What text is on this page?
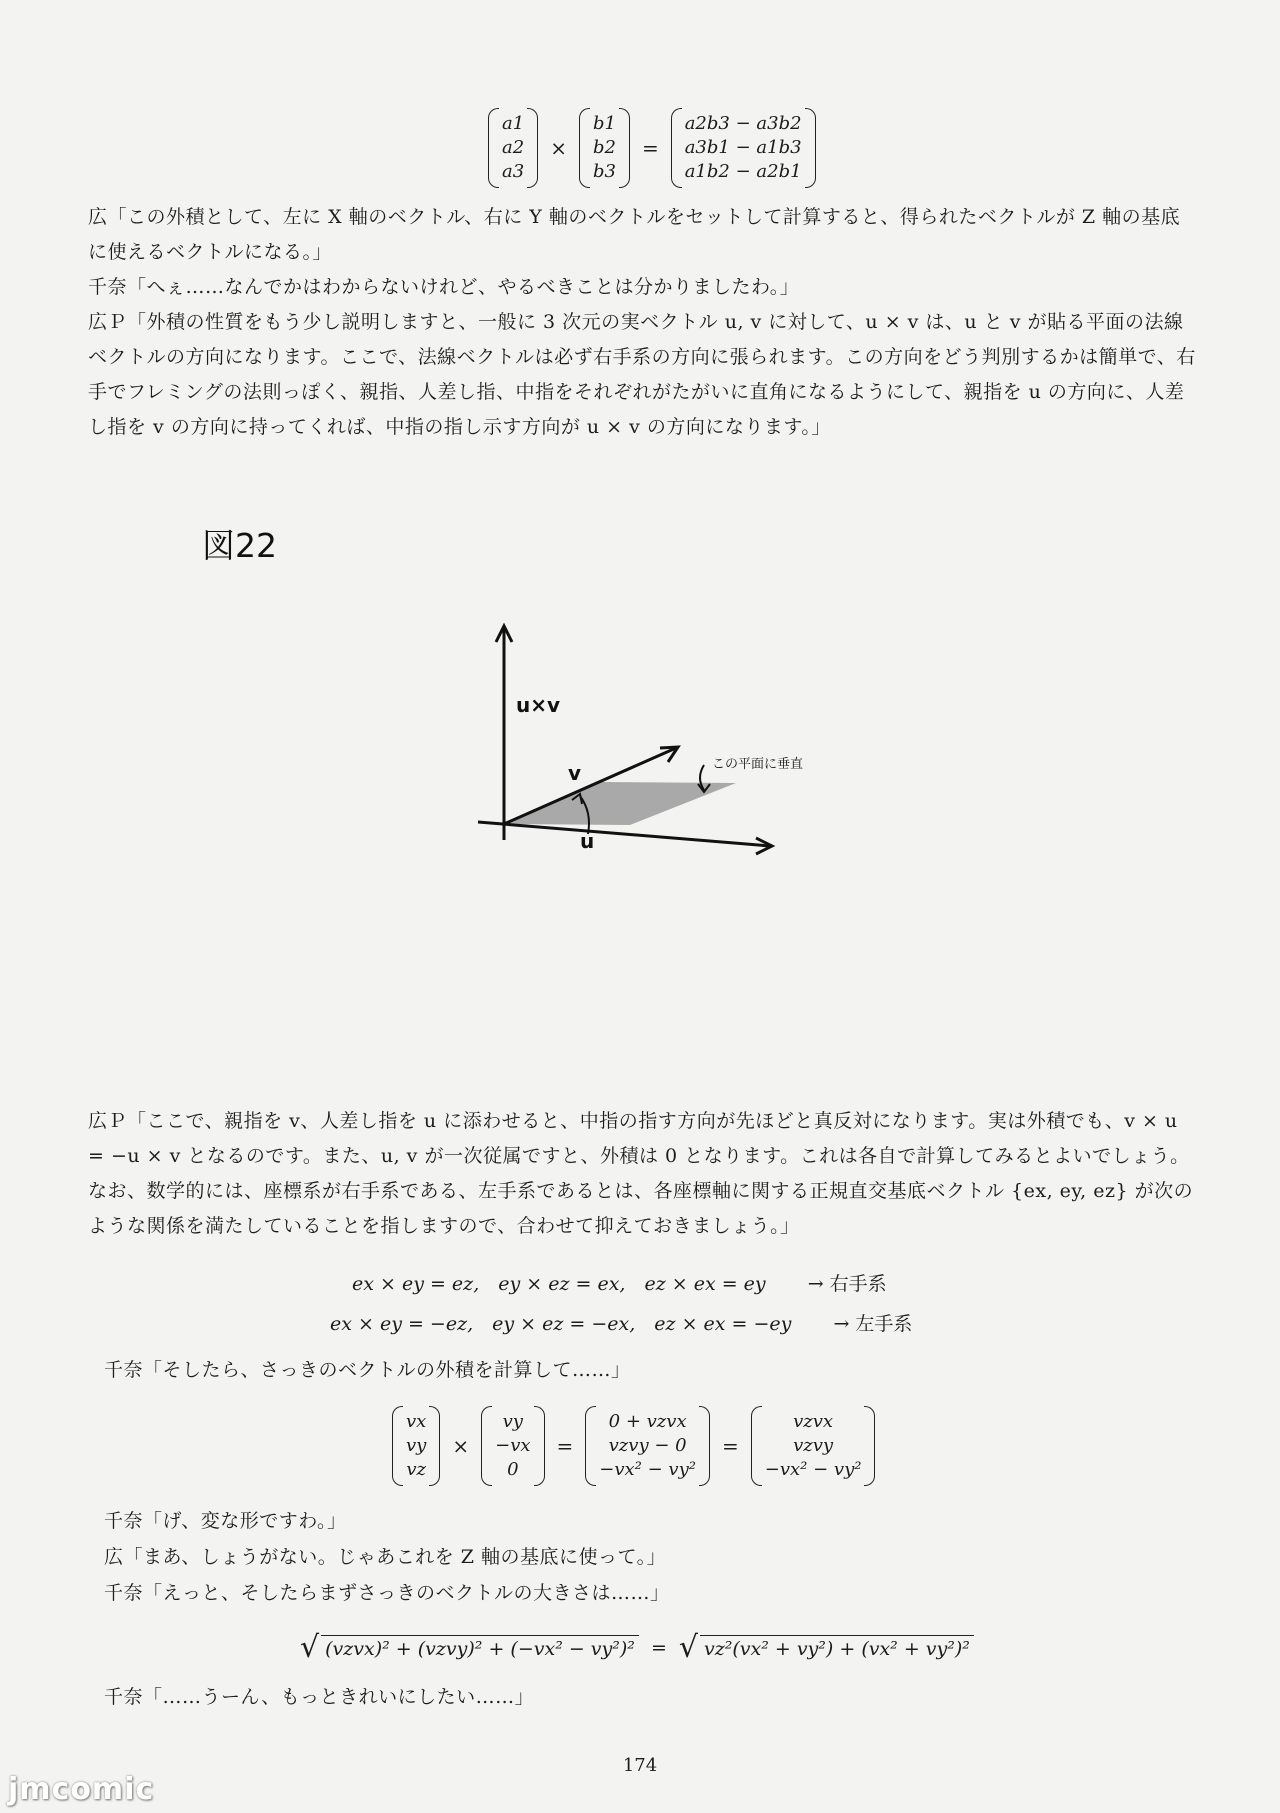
a1
a2
a3
×
b1
b2
b3
=
a2b3 − a3b2
a3b1 − a1b3
a1b2 − a2b1
広「この外積として、左に X 軸のベクトル、右に Y 軸のベクトルをセットして計算すると、得られたベクトルが Z 軸の基底に使えるベクトルになる。」
千奈「へぇ……なんでかはわからないけれど、やるべきことは分かりましたわ。」
広Ｐ「外積の性質をもう少し説明しますと、一般に 3 次元の実ベクトル u, v に対して、u × v は、u と v が貼る平面の法線ベクトルの方向になります。ここで、法線ベクトルは必ず右手系の方向に張られます。この方向をどう判別するかは簡単で、右手でフレミングの法則っぽく、親指、人差し指、中指をそれぞれがたがいに直角になるようにして、親指を u の方向に、人差し指を v の方向に持ってくれば、中指の指し示す方向が u × v の方向になります。」
図22
u×v
v
u
この平面に垂直
広Ｐ「ここで、親指を v、人差し指を u に添わせると、中指の指す方向が先ほどと真反対になります。実は外積でも、v × u = −u × v となるのです。また、u, v が一次従属ですと、外積は 0 となります。これは各自で計算してみるとよいでしょう。なお、数学的には、座標系が右手系である、左手系であるとは、各座標軸に関する正規直交基底ベクトル {ex, ey, ez} が次のような関係を満たしていることを指しますので、合わせて抑えておきましょう。」
ex × ey = ez,　ey × ez = ex,　ez × ex = ey → 右手系
ex × ey = −ez,　ey × ez = −ex,　ez × ex = −ey → 左手系
千奈「そしたら、さっきのベクトルの外積を計算して……」
vx
vy
vz
×
vy
−vx
0
=
0 + vzvx
vzvy − 0
−vx² − vy²
=
vzvx
vzvy
−vx² − vy²
千奈「げ、変な形ですわ。」
広「まあ、しょうがない。じゃあこれを Z 軸の基底に使って。」
千奈「えっと、そしたらまずさっきのベクトルの大きさは……」
√ (vzvx)² + (vzvy)² + (−vx² − vy²)² = √ vz²(vx² + vy²) + (vx² + vy²)²
千奈「……うーん、もっときれいにしたい……」
174
jmcomic
